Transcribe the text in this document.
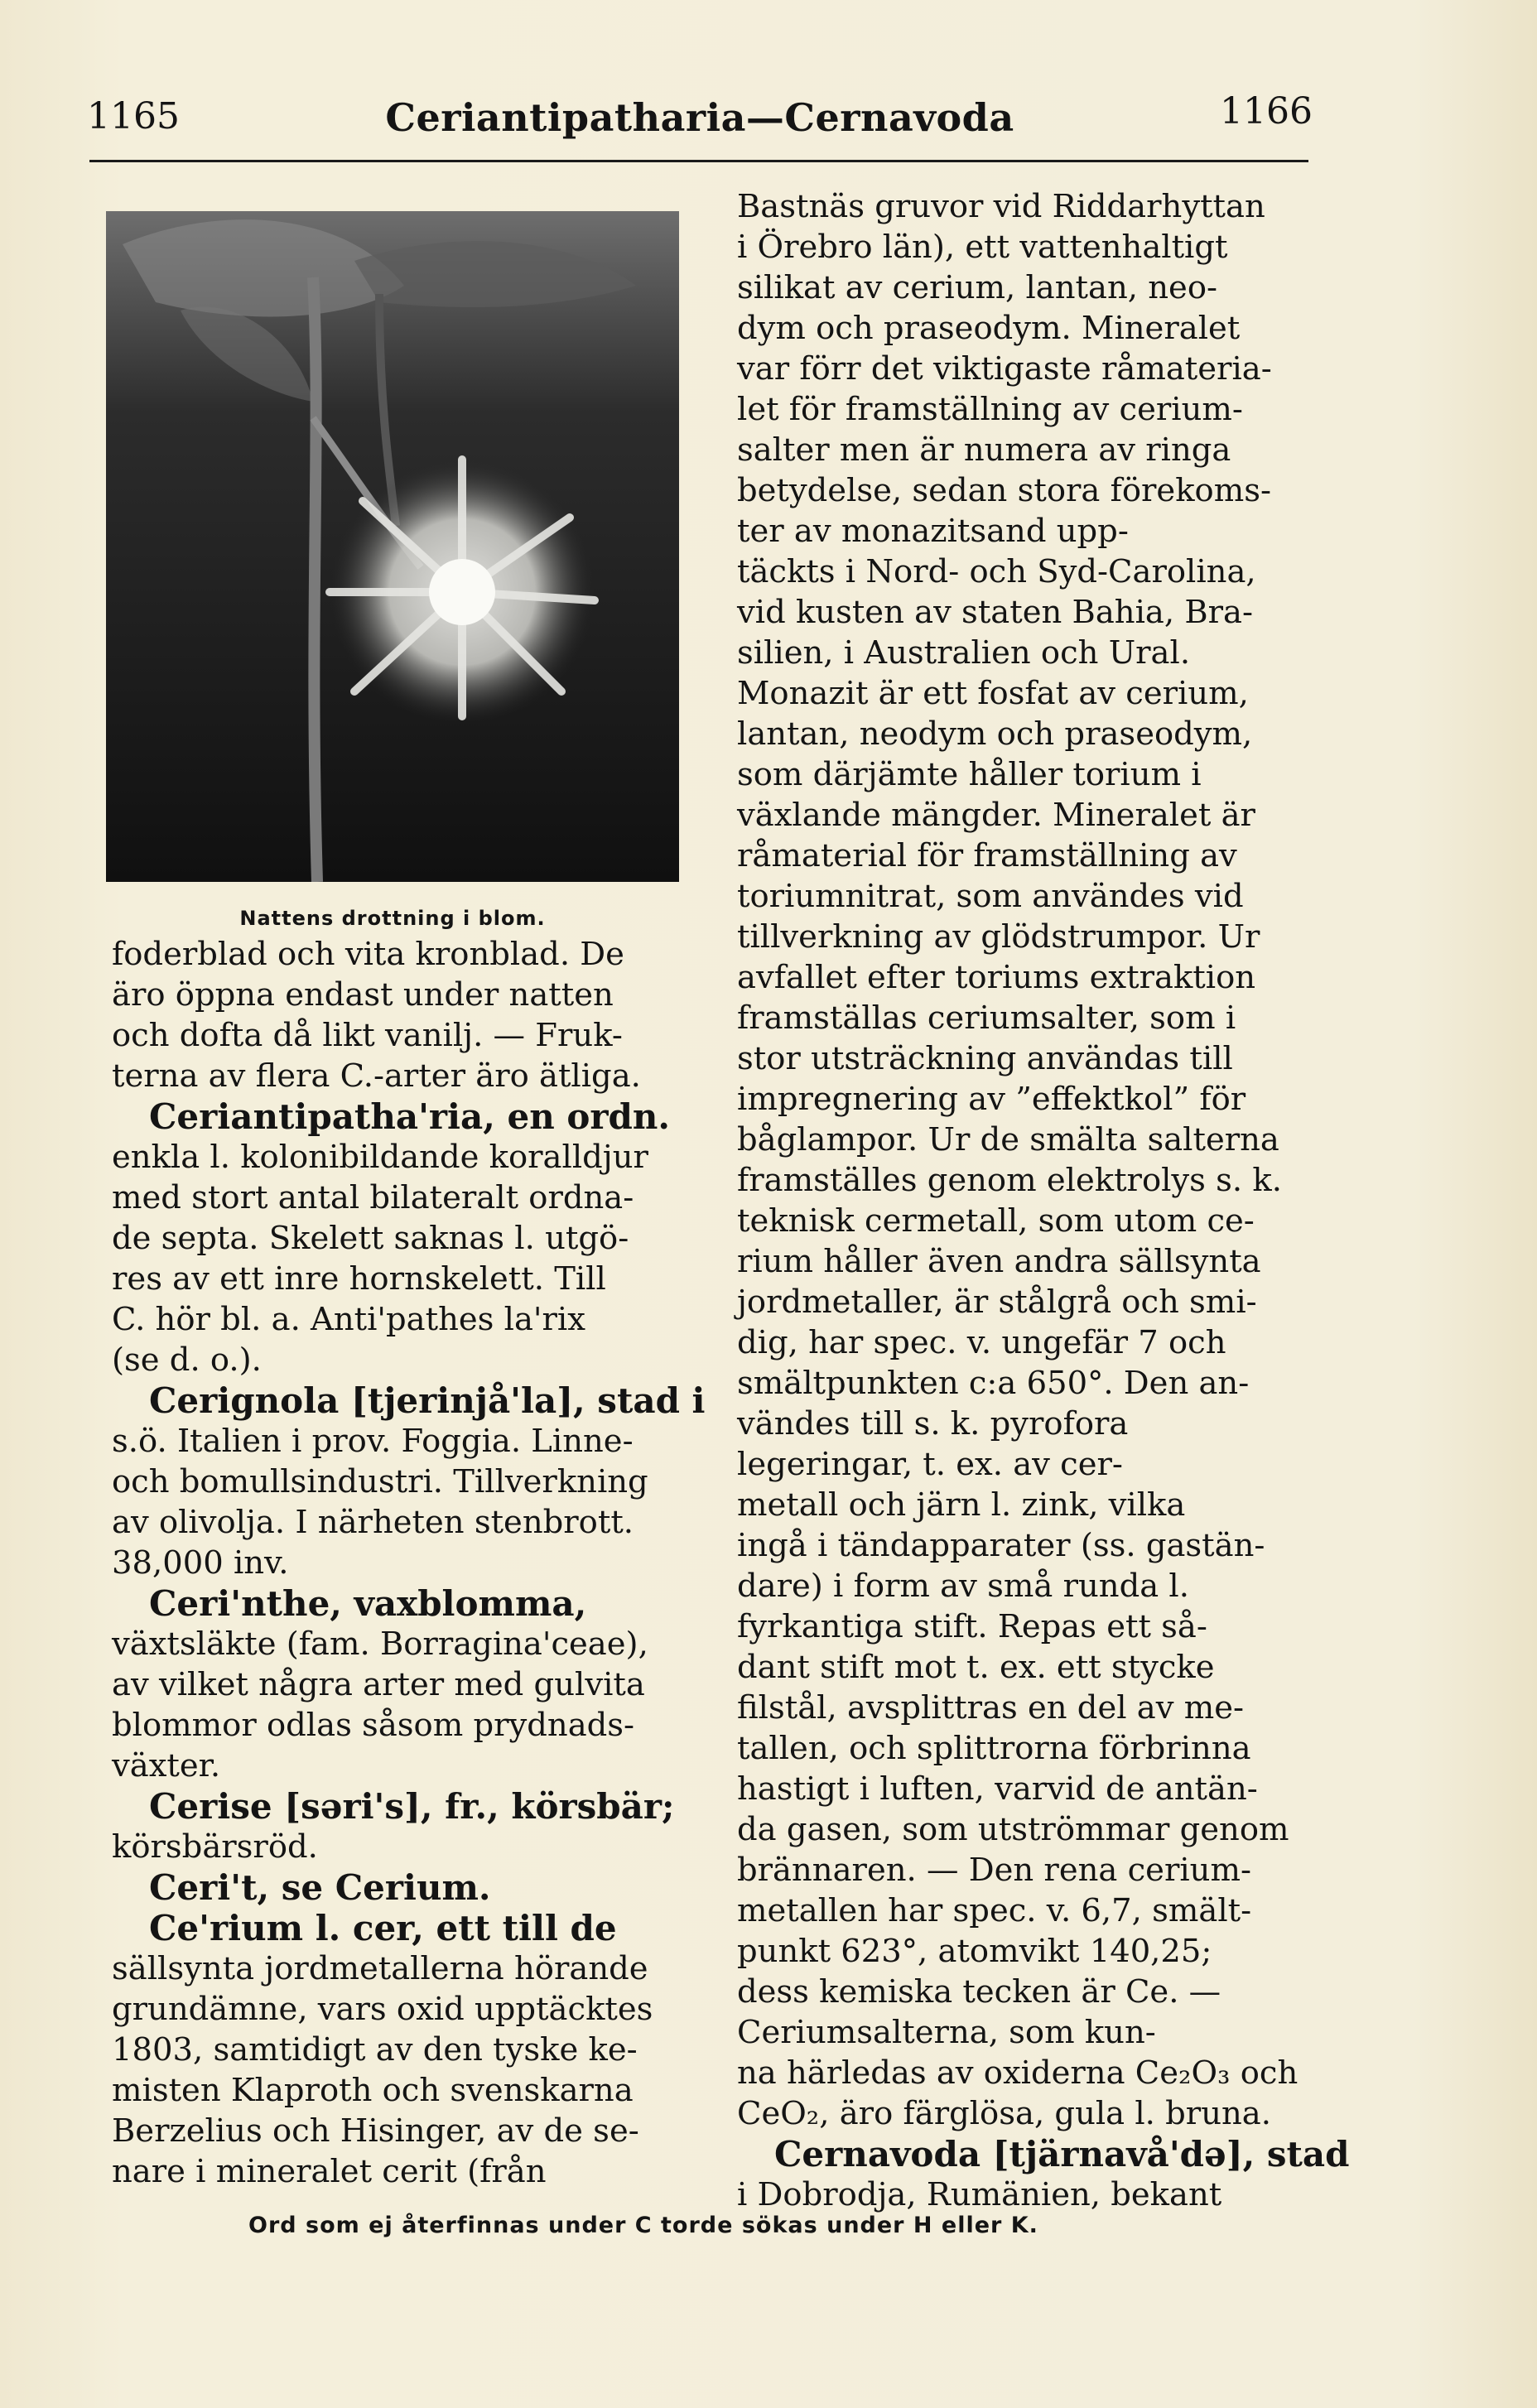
1165	Ceriantipatharia—Cernavoda	1166
Nattens drottning i blom.
foderblad och vita kronblad. De
äro öppna endast under natten
och dofta då likt vanilj. — Fruk-
terna av flera C.-arter äro ätliga.
Ceriantipatha'ria, en ordn.
enkla l. kolonibildande koralldjur
med stort antal bilateralt ordna-
de septa. Skelett saknas l. utgö-
res av ett inre hornskelett. Till
C. hör bl. a. Anti'pathes la'rix
(se d. o.).
Cerignola [tjerinjå'la], stad i
s.ö. Italien i prov. Foggia. Linne-
och bomullsindustri. Tillverkning
av olivolja. I närheten stenbrott.
38,000 inv.
Ceri'nthe, vaxblomma,
växtsläkte (fam. Borragina'ceae),
av vilket några arter med gulvita
blommor odlas såsom prydnads-
växter.
Cerise [səri's], fr., körsbär;
körsbärsröd.
Ceri't, se Cerium.
Ce'rium l. cer, ett till de
sällsynta jordmetallerna hörande
grundämne, vars oxid upptäcktes
1803, samtidigt av den tyske ke-
misten Klaproth och svenskarna
Berzelius och Hisinger, av de se-
nare i mineralet cerit (från
Bastnäs gruvor vid Riddarhyttan
i Örebro län), ett vattenhaltigt
silikat av cerium, lantan, neo-
dym och praseodym. Mineralet
var förr det viktigaste råmateria-
let för framställning av cerium-
salter men är numera av ringa
betydelse, sedan stora förekoms-
ter av monazitsand upp-
täckts i Nord- och Syd-Carolina,
vid kusten av staten Bahia, Bra-
silien, i Australien och Ural.
Monazit är ett fosfat av cerium,
lantan, neodym och praseodym,
som därjämte håller torium i
växlande mängder. Mineralet är
råmaterial för framställning av
toriumnitrat, som användes vid
tillverkning av glödstrumpor. Ur
avfallet efter toriums extraktion
framställas ceriumsalter, som i
stor utsträckning användas till
impregnering av ”effektkol” för
båglampor. Ur de smälta salterna
framställes genom elektrolys s. k.
teknisk cermetall, som utom ce-
rium håller även andra sällsynta
jordmetaller, är stålgrå och smi-
dig, har spec. v. ungefär 7 och
smältpunkten c:a 650°. Den an-
vändes till s. k. pyrofora
legeringar, t. ex. av cer-
metall och järn l. zink, vilka
ingå i tändapparater (ss. gastän-
dare) i form av små runda l.
fyrkantiga stift. Repas ett så-
dant stift mot t. ex. ett stycke
filstål, avsplittras en del av me-
tallen, och splittrorna förbrinna
hastigt i luften, varvid de antän-
da gasen, som utströmmar genom
brännaren. — Den rena cerium-
metallen har spec. v. 6,7, smält-
punkt 623°, atomvikt 140,25;
dess kemiska tecken är Ce. —
Ceriumsalterna, som kun-
na härledas av oxiderna Ce₂O₃ och
CeO₂, äro färglösa, gula l. bruna.
Cernavoda [tjärnavå'də], stad
i Dobrodja, Rumänien, bekant
Ord som ej återfinnas under C torde sökas under H eller K.
